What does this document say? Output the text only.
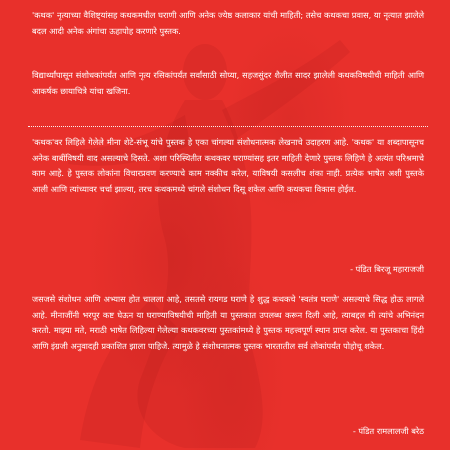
'कथक' नृत्याच्या वैशिष्ट्यांसह कथकमधील घराणी आणि अनेक ज्येष्ठ कलाकार यांची माहिती; तसेच कथकचा प्रवास, या नृत्यात झालेले बदल आदी अनेक अंगांचा ऊहापोह करणारे पुस्तक.

विद्यार्थ्यांपासून संशोधकांपर्यंत आणि नृत्य रसिकांपर्यंत सर्वांसाठी सोप्या, सहजसुंदर शैलीत सादर झालेली कथकविषयीची माहिती आणि आकर्षक छायाचित्रे यांचा खजिना.

'कथक'वर लिहिले गेलेले मीना शेटे-संभू यांचे पुस्तक हे एका चांगल्या संशोधनात्मक लेखनाचे उदाहरण आहे. 'कथक' या शब्दापासूनच अनेक बाबींविषयी वाद असल्याचे दिसते. अशा परिस्थितीत कथकवर घराण्यांसह इतर माहिती देणारे पुस्तक लिहिणे हे अत्यंत परिश्रमाचे काम आहे. हे पुस्तक लोकांना विचारप्रवण करण्याचे काम नक्कीच करेल, याविषयी कसलीच शंका नाही. प्रत्येक भाषेत अशी पुस्तके आली आणि त्यांच्यावर चर्चा झाल्या, तरच कथकमध्ये चांगले संशोधन दिसू शकेल आणि कथकचा विकास होईल.

- पंडित बिरजू महाराजजी

जसजसे संशोधन आणि अभ्यास होत चालला आहे, तसतसे रायगड घराणे हे शुद्ध कथकचे 'स्वतंत्र घराणे' असल्याचे सिद्ध होऊ लागले आहे. मीनाजींनी भरपूर कष्ट घेऊन या घराण्याविषयीची माहिती या पुस्तकात उपलब्ध करून दिली आहे, त्याबद्दल मी त्यांचे अभिनंदन करतो. माझ्या मते, मराठी भाषेत लिहिल्या गेलेल्या कथकवरच्या पुस्तकांमध्ये हे पुस्तक महत्त्वपूर्ण स्थान प्राप्त करेल. या पुस्तकाचा हिंदी आणि इंग्रजी अनुवादही प्रकाशित झाला पाहिजे. त्यामुळे हे संशोधनात्मक पुस्तक भारतातील सर्व लोकांपर्यंत पोहोचू शकेल.

- पंडित रामलालजी बरेठ
